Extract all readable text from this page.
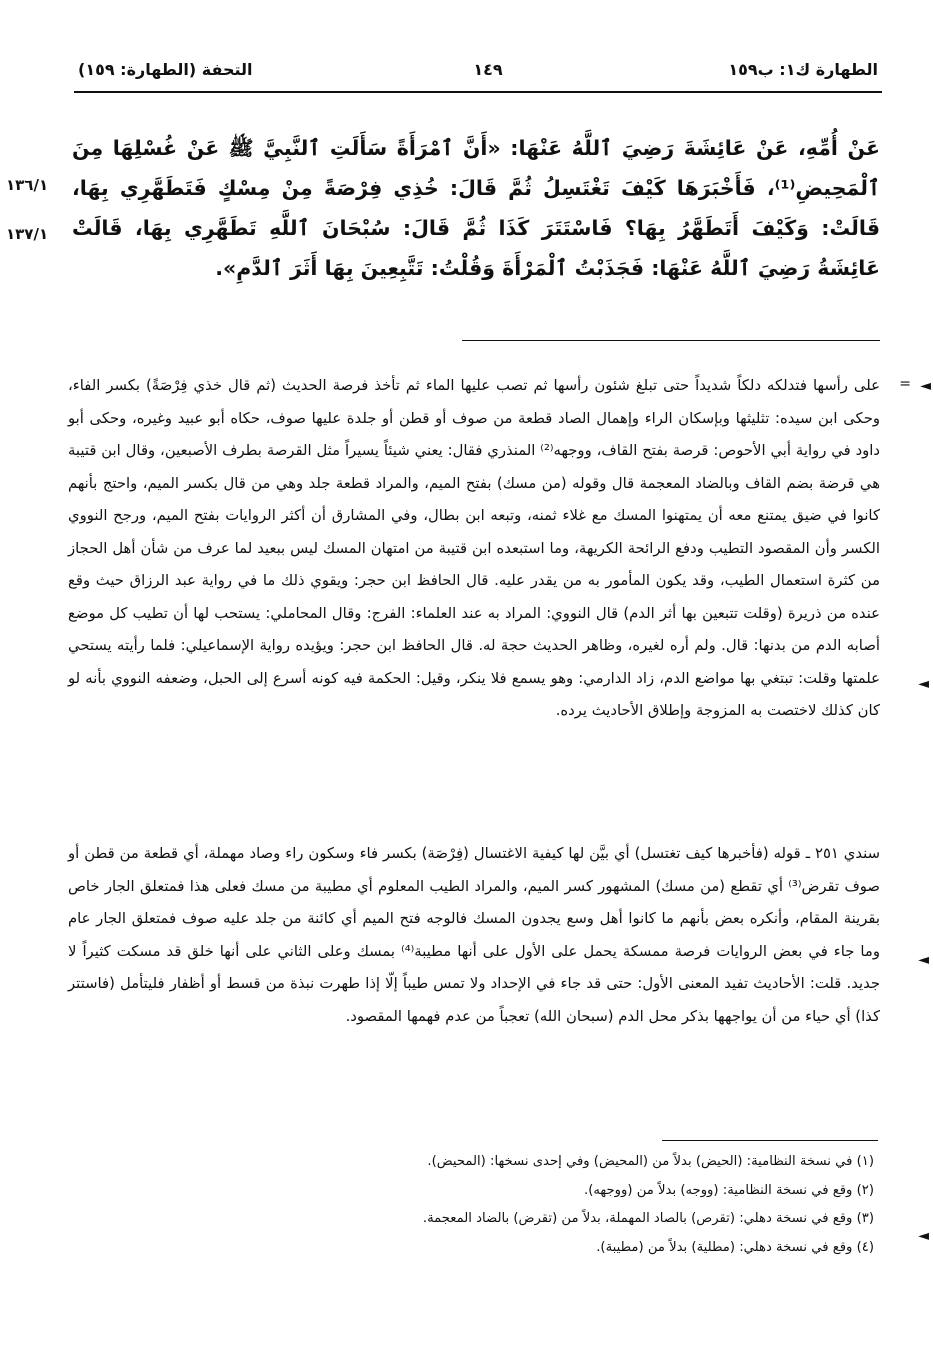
الطهارة ك١: ب١٥٩
١٤٩
التحفة (الطهارة: ١٥٩)
عَنْ أُمِّهِ، عَنْ عَائِشَةَ رَضِيَ ٱللَّهُ عَنْهَا: «أَنَّ ٱمْرَأَةً سَأَلَتِ ٱلنَّبِيَّ ﷺ عَنْ غُسْلِهَا مِنَ ٱلْمَحِيضِ⁽¹⁾، فَأَخْبَرَهَا كَيْفَ تَغْتَسِلُ ثُمَّ قَالَ: خُذِي فِرْصَةً مِنْ مِسْكٍ فَتَطَهَّرِي بِهَا، قَالَتْ: وَكَيْفَ أَتَطَهَّرُ بِهَا؟ فَاسْتَتَرَ كَذَا ثُمَّ قَالَ: سُبْحَانَ ٱللَّهِ تَطَهَّرِي بِهَا، قَالَتْ عَائِشَةُ رَضِيَ ٱللَّهُ عَنْهَا: فَجَذَبْتُ ٱلْمَرْأَةَ وَقُلْتُ: تَتَّبِعِينَ بِهَا أَثَرَ ٱلدَّمِ».
١٣٦/١
١٣٧/١
◄
=
على رأسها فتدلكه دلكاً شديداً حتى تبلغ شئون رأسها ثم تصب عليها الماء ثم تأخذ فرصة الحديث (ثم قال خذي فِرْصَةً) بكسر الفاء، وحكى ابن سيده: تثليثها وبإسكان الراء وإهمال الصاد قطعة من صوف أو قطن أو جلدة عليها صوف، حكاه أبو عبيد وغيره، وحكى أبو داود في رواية أبي الأحوص: قرصة بفتح القاف، ووجهه⁽²⁾ المنذري فقال: يعني شيئاً يسيراً مثل القرصة بطرف الأصبعين، وقال ابن قتيبة هي قرضة بضم القاف وبالضاد المعجمة قال وقوله (من مسك) بفتح الميم، والمراد قطعة جلد وهي من قال بكسر الميم، واحتج بأنهم كانوا في ضيق يمتنع معه أن يمتهنوا المسك مع غلاء ثمنه، وتبعه ابن بطال، وفي المشارق أن أكثر الروايات بفتح الميم، ورجح النووي الكسر وأن المقصود التطيب ودفع الرائحة الكريهة، وما استبعده ابن قتيبة من امتهان المسك ليس ببعيد لما عرف من شأن أهل الحجاز من كثرة استعمال الطيب، وقد يكون المأمور به من يقدر عليه. قال الحافظ ابن حجر: ويقوي ذلك ما في رواية عبد الرزاق حيث وقع عنده من ذريرة (وقلت تتبعين بها أثر الدم) قال النووي: المراد به عند العلماء: الفرج: وقال المحاملي: يستحب لها أن تطيب كل موضع أصابه الدم من بدنها: قال. ولم أره لغيره، وظاهر الحديث حجة له. قال الحافظ ابن حجر: ويؤيده رواية الإسماعيلي: فلما رأيته يستحي علمتها وقلت: تبتغي بها مواضع الدم، زاد الدارمي: وهو يسمع فلا ينكر، وقيل: الحكمة فيه كونه أسرع إلى الحبل، وضعفه النووي بأنه لو كان كذلك لاختصت به المزوجة وإطلاق الأحاديث يرده.
◄
سندي ٢٥١ ـ قوله (فأخبرها كيف تغتسل) أي بيَّن لها كيفية الاغتسال (فِرْصَة) بكسر فاء وسكون راء وصاد مهملة، أي قطعة من قطن أو صوف تقرض⁽³⁾ أي تقطع (من مسك) المشهور كسر الميم، والمراد الطيب المعلوم أي مطيبة من مسك فعلى هذا فمتعلق الجار خاص بقرينة المقام، وأنكره بعض بأنهم ما كانوا أهل وسع يجدون المسك فالوجه فتح الميم أي كائنة من جلد عليه صوف فمتعلق الجار عام وما جاء في بعض الروايات فرصة ممسكة يحمل على الأول على أنها مطيبة⁽⁴⁾ بمسك وعلى الثاني على أنها خلق قد مسكت كثيراً لا جديد. قلت: الأحاديث تفيد المعنى الأول: حتى قد جاء في الإحداد ولا تمس طيباً إلّا إذا طهرت نبذة من قسط أو أظفار فليتأمل (فاستتر كذا) أي حياء من أن يواجهها بذكر محل الدم (سبحان الله) تعجباً من عدم فهمها المقصود.
◄
(١) في نسخة النظامية: (الحيض) بدلاً من (المحيض) وفي إحدى نسخها: (المحيض).
(٢) وقع في نسخة النظامية: (ووجه) بدلاً من (ووجهه).
(٣) وقع في نسخة دهلي: (تقرص) بالصاد المهملة، بدلاً من (تقرض) بالضاد المعجمة.
(٤) وقع في نسخة دهلي: (مطلية) بدلاً من (مطيبة).
◄
